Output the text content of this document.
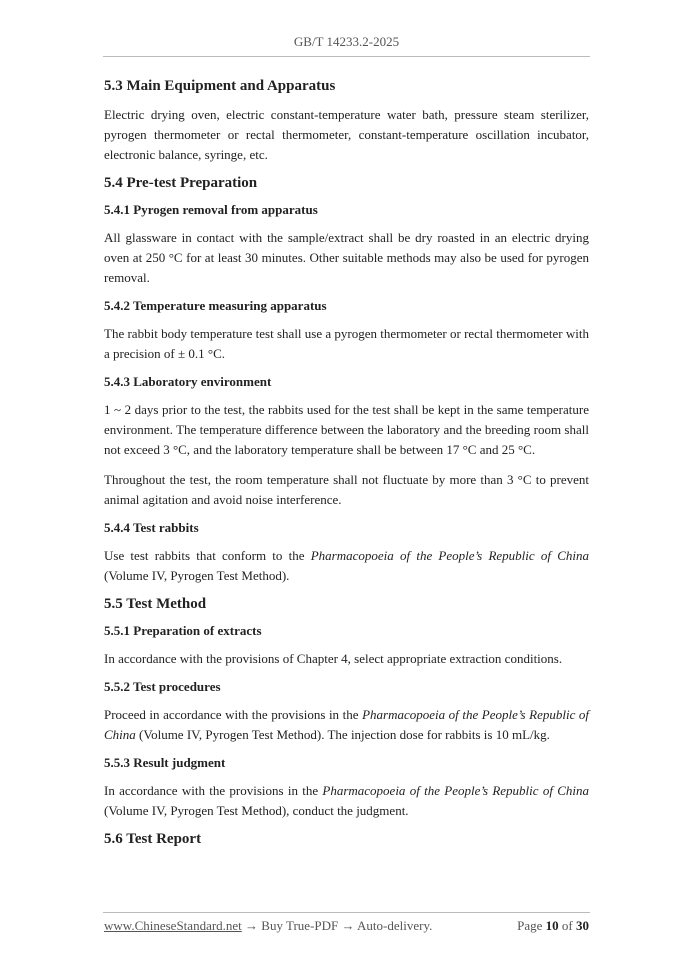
GB/T 14233.2-2025
5.3 Main Equipment and Apparatus

Electric drying oven, electric constant-temperature water bath, pressure steam sterilizer, pyrogen thermometer or rectal thermometer, constant-temperature oscillation incubator, electronic balance, syringe, etc.

5.4 Pre-test Preparation
5.4.1 Pyrogen removal from apparatus

All glassware in contact with the sample/extract shall be dry roasted in an electric drying oven at 250 °C for at least 30 minutes. Other suitable methods may also be used for pyrogen removal.

5.4.2 Temperature measuring apparatus

The rabbit body temperature test shall use a pyrogen thermometer or rectal thermometer with a precision of ± 0.1 °C.

5.4.3 Laboratory environment

1 ~ 2 days prior to the test, the rabbits used for the test shall be kept in the same temperature environment. The temperature difference between the laboratory and the breeding room shall not exceed 3 °C, and the laboratory temperature shall be between 17 °C and 25 °C.

Throughout the test, the room temperature shall not fluctuate by more than 3 °C to prevent animal agitation and avoid noise interference.

5.4.4 Test rabbits

Use test rabbits that conform to the Pharmacopoeia of the People’s Republic of China (Volume IV, Pyrogen Test Method).

5.5 Test Method
5.5.1 Preparation of extracts

In accordance with the provisions of Chapter 4, select appropriate extraction conditions.

5.5.2 Test procedures

Proceed in accordance with the provisions in the Pharmacopoeia of the People’s Republic of China (Volume IV, Pyrogen Test Method). The injection dose for rabbits is 10 mL/kg.

5.5.3 Result judgment

In accordance with the provisions in the Pharmacopoeia of the People’s Republic of China (Volume IV, Pyrogen Test Method), conduct the judgment.

5.6 Test Report
www.ChineseStandard.net → Buy True-PDF → Auto-delivery.	Page 10 of 30
